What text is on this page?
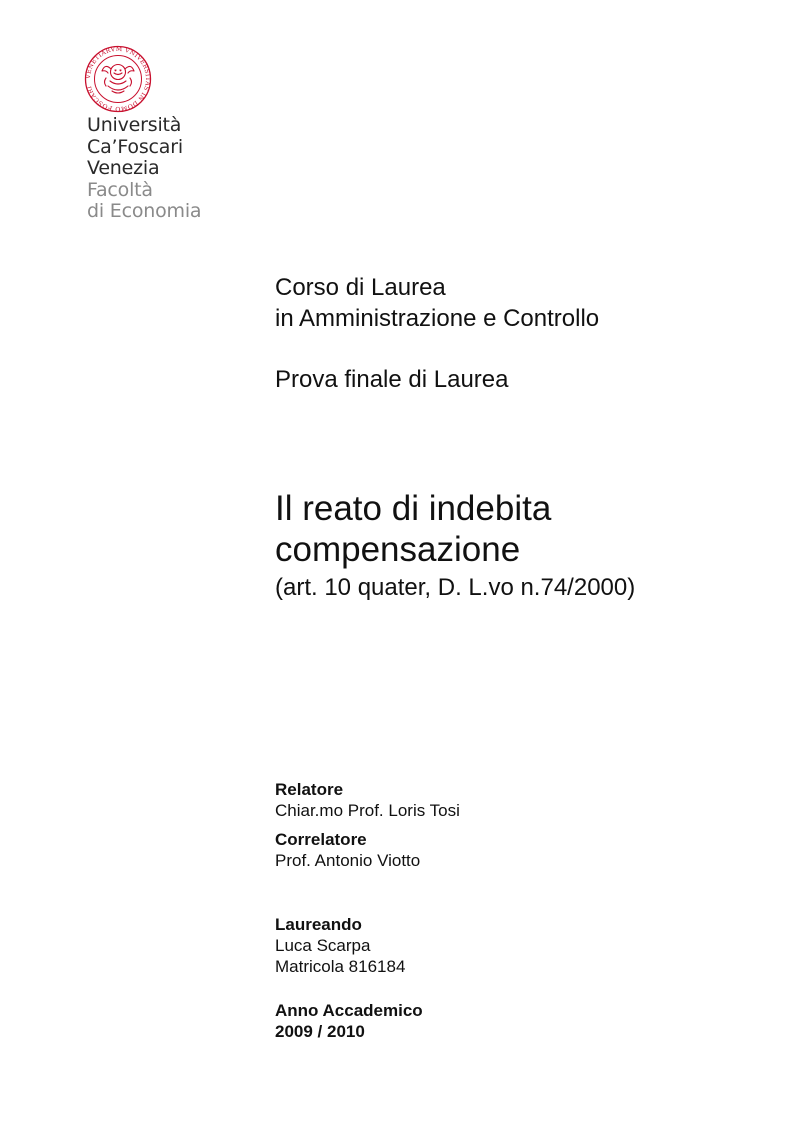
VENETIARVM VNIVERSITAS IN DOMO FOSCARI
Università
Ca’Foscari
Venezia
Facoltà
di Economia
Corso di Laurea
in Amministrazione e Controllo
Prova finale di Laurea
Il reato di indebita
compensazione
(art. 10 quater, D. L.vo n.74/2000)
Relatore
Chiar.mo Prof. Loris Tosi
Correlatore
Prof. Antonio Viotto
Laureando
Luca Scarpa
Matricola 816184
Anno Accademico
2009 / 2010
